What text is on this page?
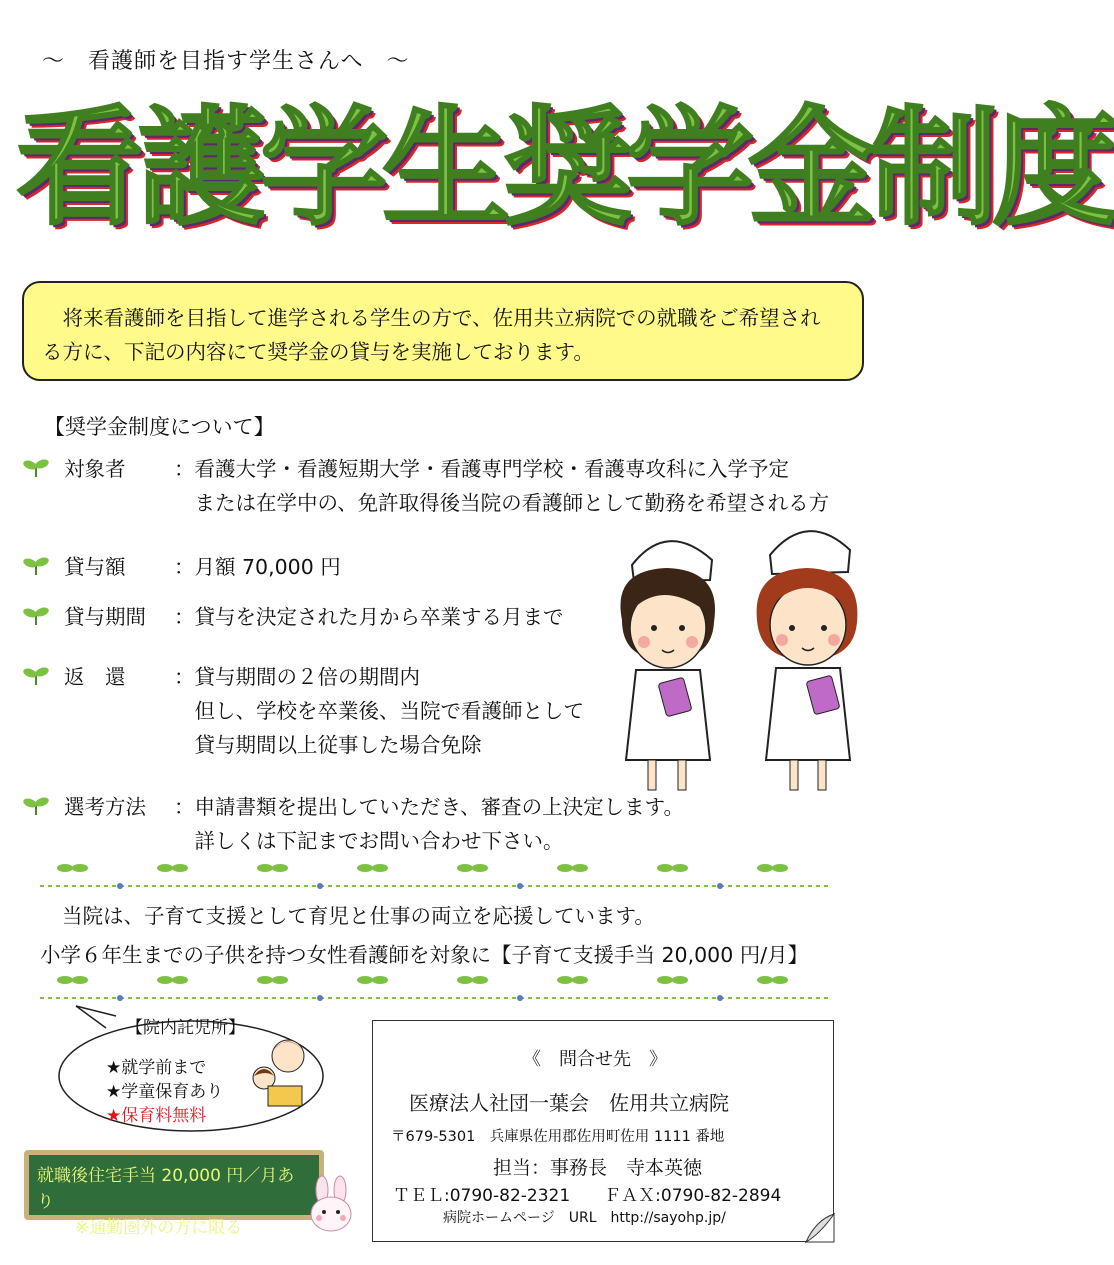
～　看護師を目指す学生さんへ　～
看護学生奨学金制度
　将来看護師を目指して進学される学生の方で、佐用共立病院での就職をご希望され
る方に、下記の内容にて奨学金の貸与を実施しております。
【奨学金制度について】
対象者　 ：看護大学・看護短期大学・看護専門学校・看護専攻科に入学予定
　または在学中の、免許取得後当院の看護師として勤務を希望される方
貸与額　 ：月額 70,000 円
貸与期間 ：貸与を決定された月から卒業する月まで
返　還　 ：貸与期間の２倍の期間内
　但し、学校を卒業後、当院で看護師として
　貸与期間以上従事した場合免除
選考方法 ：申請書類を提出していただき、審査の上決定します。
　詳しくは下記までお問い合わせ下さい。
当院は、子育て支援として育児と仕事の両立を応援しています。
小学６年生までの子供を持つ女性看護師を対象に【子育て支援手当 20,000 円/月】
【院内託児所】
★就学前まで
★学童保育あり
★保育料無料
就職後住宅手当 20,000 円／月あり
※通勤圏外の方に限る
《　問合せ先　》
医療法人社団一葉会　佐用共立病院
〒679-5301　兵庫県佐用郡佐用町佐用 1111 番地
担当：事務長　寺本英徳
ＴＥＬ:0790-82-2321　　ＦＡＸ:0790-82-2894
病院ホームページ　URL　http://sayohp.jp/
